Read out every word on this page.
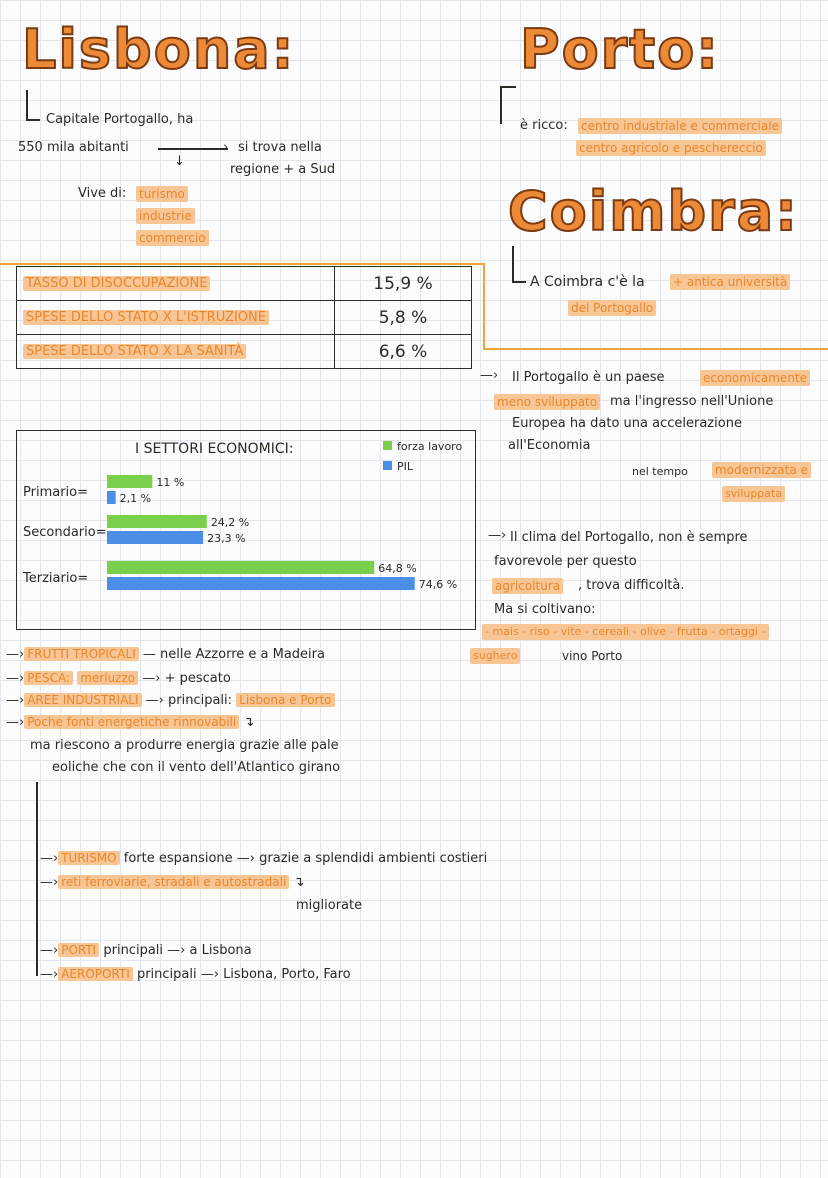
Lisbona:	Porto:
Coimbra:
Capitale Portogallo, ha
550 mila abitanti	›
↓
si trova nella
regione + a Sud
Vive di: turismo
industrie
commercio
è ricco: centro industriale e commerciale
centro agricolo e peschereccio
A Coimbra c'è la + antica università
del Portogallo
TASSO DI DISOCCUPAZIONE	15,9 %
SPESE DELLO STATO X L'ISTRUZIONE	5,8 %
SPESE DELLO STATO X LA SANITÀ	6,6 %
I SETTORI ECONOMICI:	forza lavoro
PIL
Primario=
11 %
2,1 %
Secondario=
24,2 %
23,3 %
Terziario=
64,8 %
74,6 %
—› Il Portogallo è un paese	economicamente
meno sviluppato ma l'ingresso nell'Unione
Europea ha dato una accelerazione
all'Economia
nel tempo modernizzata e
sviluppata
—› Il clima del Portogallo, non è sempre
favorevole per questo
agricoltura , trova difficoltà.
Ma si coltivano:
- mais - riso - vite - cereali - olive - frutta - ortaggi -
sughero	vino Porto
—› FRUTTI TROPICALI — nelle Azzorre e a Madeira
—› PESCA: merluzzo —› + pescato
—› AREE INDUSTRIALI —› principali: Lisbona e Porto
—› Poche fonti energetiche rinnovabili ↴
ma riescono a produrre energia grazie alle pale
eoliche che con il vento dell'Atlantico girano
—› TURISMO forte espansione —› grazie a splendidi ambienti costieri
—› reti ferroviarie, stradali e autostradali ↴
migliorate
—› PORTI principali —› a Lisbona
—› AEROPORTI principali —› Lisbona, Porto, Faro
